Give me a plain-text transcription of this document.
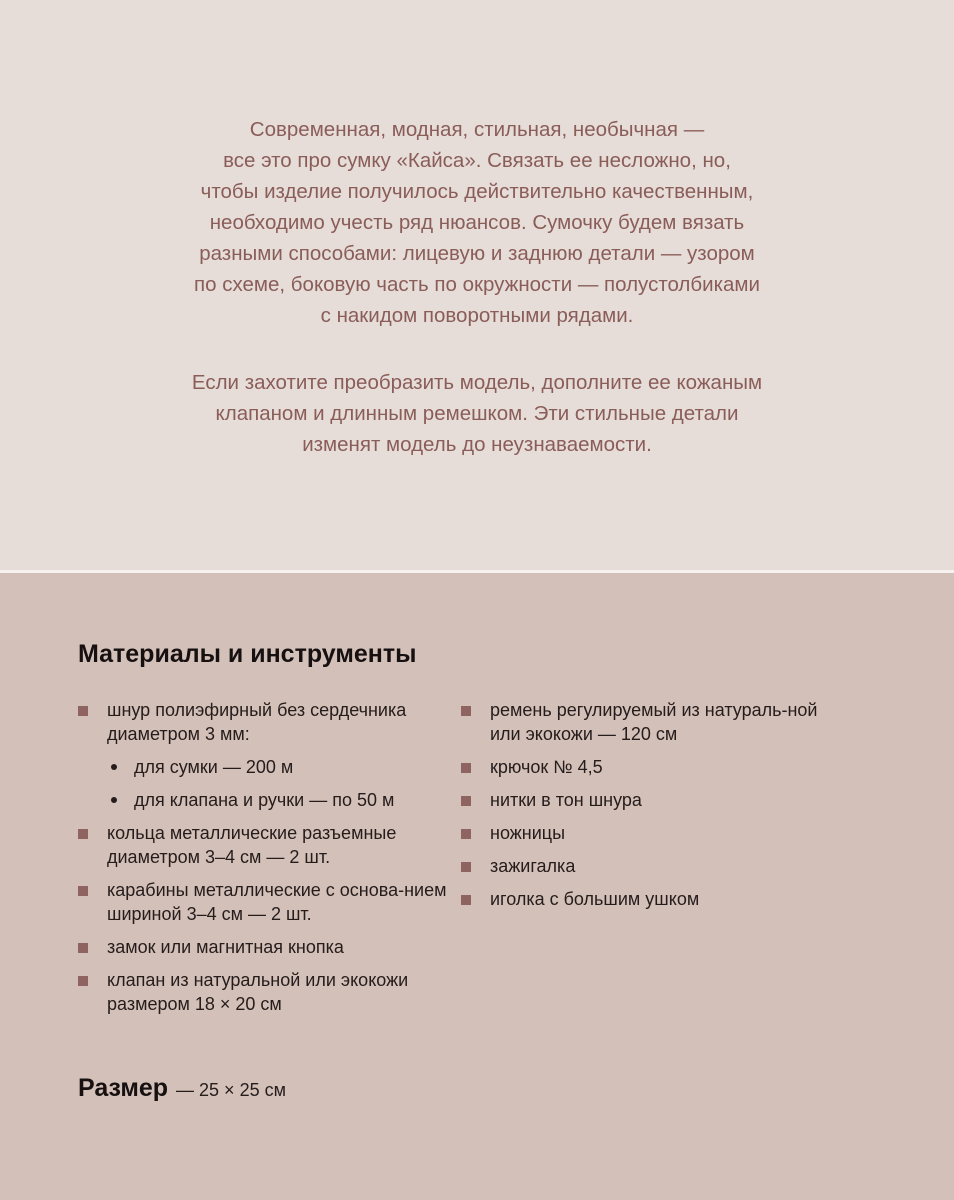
Современная, модная, стильная, необычная —
все это про сумку «Кайса». Связать ее несложно, но,
чтобы изделие получилось действительно качественным,
необходимо учесть ряд нюансов. Сумочку будем вязать
разными способами: лицевую и заднюю детали — узором
по схеме, боковую часть по окружности — полустолбиками
с накидом поворотными рядами.

Если захотите преобразить модель, дополните ее кожаным
клапаном и длинным ремешком. Эти стильные детали
изменят модель до неузнаваемости.

Материалы и инструменты
шнур полиэфирный без сердечника диаметром 3 мм:
для сумки — 200 м
для клапана и ручки — по 50 м
кольца металлические разъемные диаметром 3–4 см — 2 шт.
карабины металлические с основа-нием шириной 3–4 см — 2 шт.
замок или магнитная кнопка
клапан из натуральной или экокожи размером 18 × 20 см
ремень регулируемый из натураль-ной или экокожи — 120 см
крючок № 4,5
нитки в тон шнура
ножницы
зажигалка
иголка с большим ушком
Размер — 25 × 25 см
